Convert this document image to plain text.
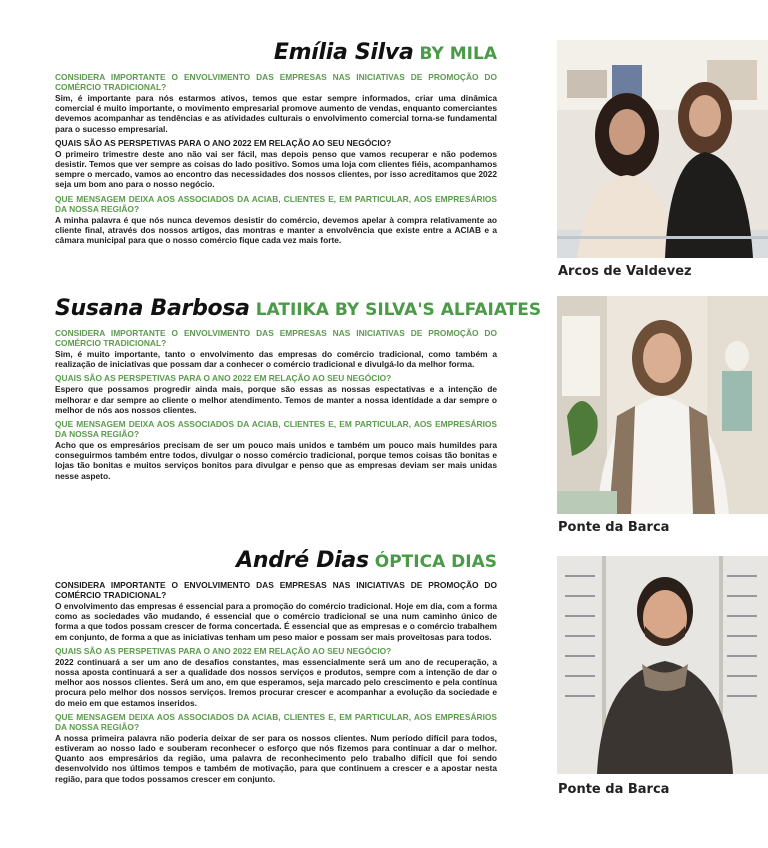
Emília Silva BY MILA
CONSIDERA IMPORTANTE O ENVOLVIMENTO DAS EMPRESAS NAS INICIATIVAS DE PROMOÇÃO DO COMÉRCIO TRADICIONAL?
Sim, é importante para nós estarmos ativos, temos que estar sempre informados, criar uma dinâmica comercial é muito importante, o movimento empresarial promove aumento de vendas, enquanto comerciantes devemos acompanhar as tendências e as atividades culturais o envolvimento comercial torna-se fundamental para o sucesso empresarial.
QUAIS SÃO AS PERSPETIVAS PARA O ANO 2022 EM RELAÇÃO AO SEU NEGÓCIO?
O primeiro trimestre deste ano não vai ser fácil, mas depois penso que vamos recuperar e não podemos desistir. Temos que ver sempre as coisas do lado positivo. Somos uma loja com clientes fiéis, acompanhamos sempre o mercado, vamos ao encontro das necessidades dos nossos clientes, por isso acreditamos que 2022 seja um bom ano para o nosso negócio.
QUE MENSAGEM DEIXA AOS ASSOCIADOS DA ACIAB, CLIENTES E, EM PARTICULAR, AOS EMPRESÁRIOS DA NOSSA REGIÃO?
A minha palavra é que nós nunca devemos desistir do comércio, devemos apelar à compra relativamente ao cliente final, através dos nossos artigos, das montras e manter a envolvência que existe entre a ACIAB e a câmara municipal para que o nosso comércio fique cada vez mais forte.
Arcos de Valdevez
Susana Barbosa LATIIKA BY SILVA'S ALFAIATES
CONSIDERA IMPORTANTE O ENVOLVIMENTO DAS EMPRESAS NAS INICIATIVAS DE PROMOÇÃO DO COMÉRCIO TRADICIONAL?
Sim, é muito importante, tanto o envolvimento das empresas do comércio tradicional, como também a realização de iniciativas que possam dar a conhecer o comércio tradicional e divulgá-lo da melhor forma.
QUAIS SÃO AS PERSPETIVAS PARA O ANO 2022 EM RELAÇÃO AO SEU NEGÓCIO?
Espero que possamos progredir ainda mais, porque são essas as nossas espectativas e a intenção de melhorar e dar sempre ao cliente o melhor atendimento. Temos de manter a nossa identidade a dar sempre o melhor de nós aos nossos clientes.
QUE MENSAGEM DEIXA AOS ASSOCIADOS DA ACIAB, CLIENTES E, EM PARTICULAR, AOS EMPRESÁRIOS DA NOSSA REGIÃO?
Acho que os empresários precisam de ser um pouco mais unidos e também um pouco mais humildes para conseguirmos também entre todos, divulgar o nosso comércio tradicional, porque temos coisas tão bonitas e lojas tão bonitas e muitos serviços bonitos para divulgar e penso que as empresas deviam ser mais unidas nesse aspeto.
Ponte da Barca
André Dias ÓPTICA DIAS
CONSIDERA IMPORTANTE O ENVOLVIMENTO DAS EMPRESAS NAS INICIATIVAS DE PROMOÇÃO DO COMÉRCIO TRADICIONAL?
O envolvimento das empresas é essencial para a promoção do comércio tradicional. Hoje em dia, com a forma como as sociedades vão mudando, é essencial que o comércio tradicional se una num caminho único de forma a que todos possam crescer de forma concertada. É essencial que as empresas e o comércio trabalhem em conjunto, de forma a que as iniciativas tenham um peso maior e possam ser mais proveitosas para todos.
QUAIS SÃO AS PERSPETIVAS PARA O ANO 2022 EM RELAÇÃO AO SEU NEGÓCIO?
2022 continuará a ser um ano de desafios constantes, mas essencialmente será um ano de recuperação, a nossa aposta continuará a ser a qualidade dos nossos serviços e produtos, sempre com a intenção de dar o melhor aos nossos clientes. Será um ano, em que esperamos, seja marcado pelo crescimento e pela contínua procura pelo melhor dos nossos serviços. Iremos procurar crescer e acompanhar a evolução da sociedade e do meio em que estamos inseridos.
QUE MENSAGEM DEIXA AOS ASSOCIADOS DA ACIAB, CLIENTES E, EM PARTICULAR, AOS EMPRESÁRIOS DA NOSSA REGIÃO?
A nossa primeira palavra não poderia deixar de ser para os nossos clientes. Num período difícil para todos, estiveram ao nosso lado e souberam reconhecer o esforço que nós fizemos para continuar a dar o melhor. Quanto aos empresários da região, uma palavra de reconhecimento pelo trabalho difícil que foi sendo desenvolvido nos últimos tempos e também de motivação, para que continuem a crescer e a apostar nesta região, para que todos possamos crescer em conjunto.
Ponte da Barca
